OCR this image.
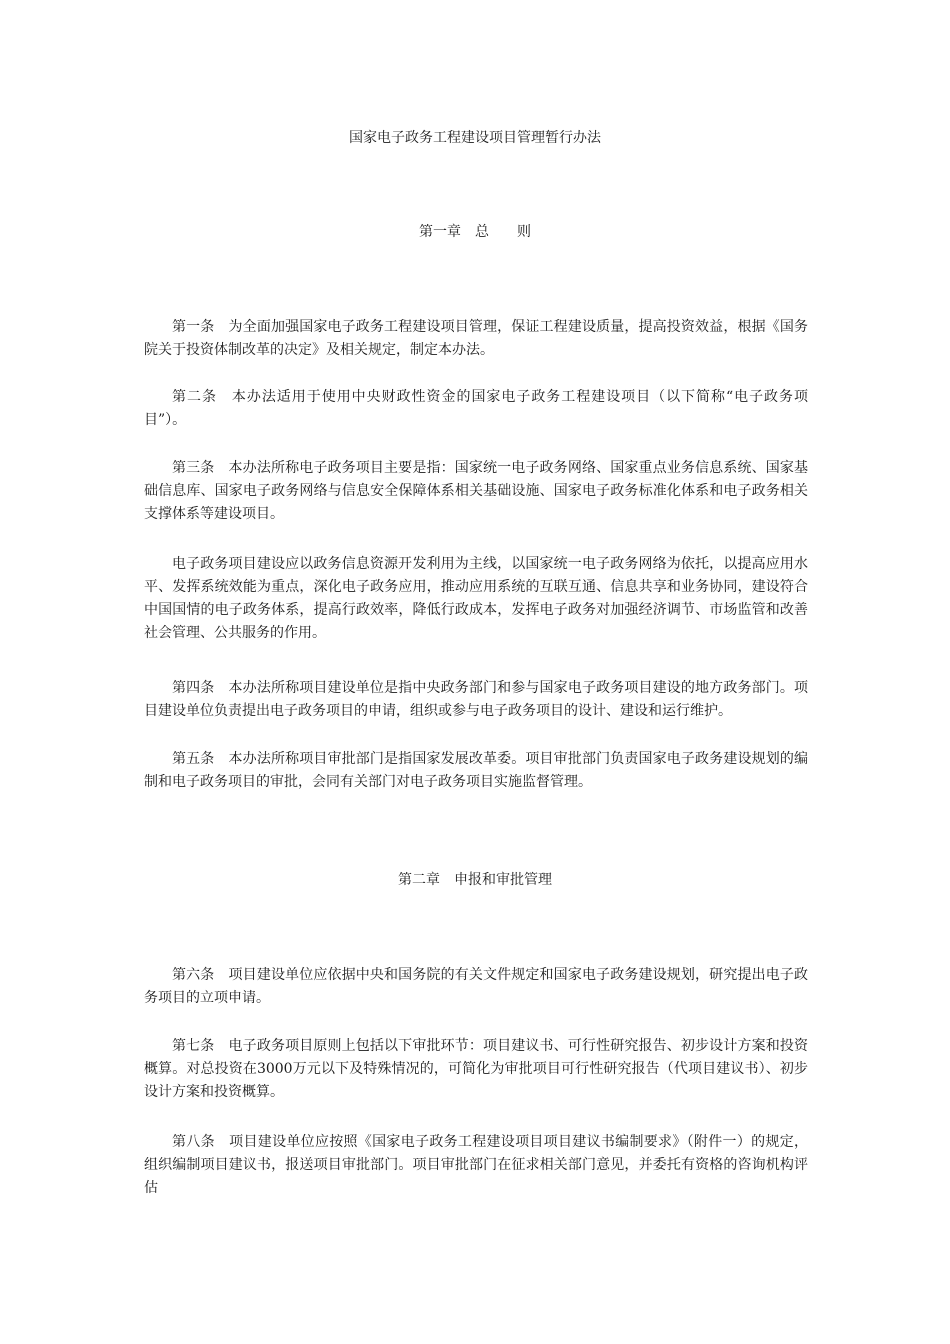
国家电子政务工程建设项目管理暂行办法
第一章　总　　则

第一条　为全面加强国家电子政务工程建设项目管理，保证工程建设质量，提高投资效益，根据《国务院关于投资体制改革的决定》及相关规定，制定本办法。

第二条　本办法适用于使用中央财政性资金的国家电子政务工程建设项目（以下简称“电子政务项目”）。

第三条　本办法所称电子政务项目主要是指：国家统一电子政务网络、国家重点业务信息系统、国家基础信息库、国家电子政务网络与信息安全保障体系相关基础设施、国家电子政务标准化体系和电子政务相关支撑体系等建设项目。

电子政务项目建设应以政务信息资源开发利用为主线，以国家统一电子政务网络为依托，以提高应用水平、发挥系统效能为重点，深化电子政务应用，推动应用系统的互联互通、信息共享和业务协同，建设符合中国国情的电子政务体系，提高行政效率，降低行政成本，发挥电子政务对加强经济调节、市场监管和改善社会管理、公共服务的作用。

第四条　本办法所称项目建设单位是指中央政务部门和参与国家电子政务项目建设的地方政务部门。项目建设单位负责提出电子政务项目的申请，组织或参与电子政务项目的设计、建设和运行维护。

第五条　本办法所称项目审批部门是指国家发展改革委。项目审批部门负责国家电子政务建设规划的编制和电子政务项目的审批，会同有关部门对电子政务项目实施监督管理。

第二章　申报和审批管理

第六条　项目建设单位应依据中央和国务院的有关文件规定和国家电子政务建设规划，研究提出电子政务项目的立项申请。

第七条　电子政务项目原则上包括以下审批环节：项目建议书、可行性研究报告、初步设计方案和投资概算。对总投资在3000万元以下及特殊情况的，可简化为审批项目可行性研究报告（代项目建议书）、初步设计方案和投资概算。

第八条　项目建设单位应按照《国家电子政务工程建设项目项目建议书编制要求》（附件一）的规定，组织编制项目建议书，报送项目审批部门。项目审批部门在征求相关部门意见，并委托有资格的咨询机构评估
